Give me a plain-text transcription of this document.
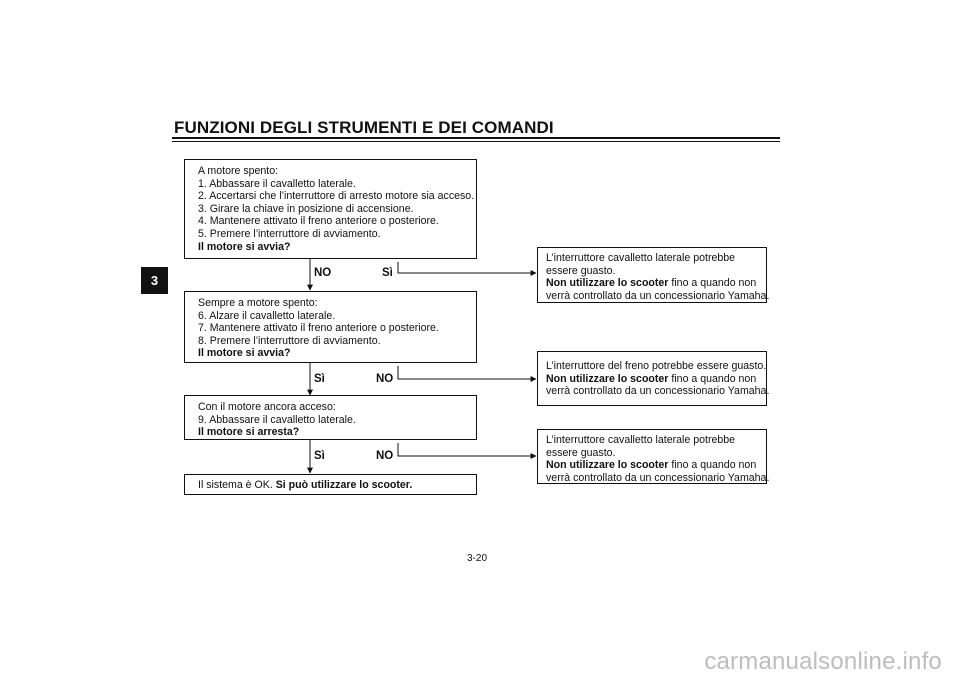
FUNZIONI DEGLI STRUMENTI E DEI COMANDI
3
A motore spento:
1. Abbassare il cavalletto laterale.
2. Accertarsi che l’interruttore di arresto motore sia acceso.
3. Girare la chiave in posizione di accensione.
4. Mantenere attivato il freno anteriore o posteriore.
5. Premere l’interruttore di avviamento.
Il motore si avvia?
NO	Sì
Sempre a motore spento:
6. Alzare il cavalletto laterale.
7. Mantenere attivato il freno anteriore o posteriore.
8. Premere l’interruttore di avviamento.
Il motore si avvia?
Sì	NO
Con il motore ancora acceso:
9. Abbassare il cavalletto laterale.
Il motore si arresta?
Sì	NO
Il sistema è OK. Si può utilizzare lo scooter.
L’interruttore cavalletto laterale potrebbe
essere guasto.
Non utilizzare lo scooter fino a quando non
verrà controllato da un concessionario Yamaha.
L’interruttore del freno potrebbe essere guasto.
Non utilizzare lo scooter fino a quando non
verrà controllato da un concessionario Yamaha.
L’interruttore cavalletto laterale potrebbe
essere guasto.
Non utilizzare lo scooter fino a quando non
verrà controllato da un concessionario Yamaha.
3-20
carmanualsonline.info
